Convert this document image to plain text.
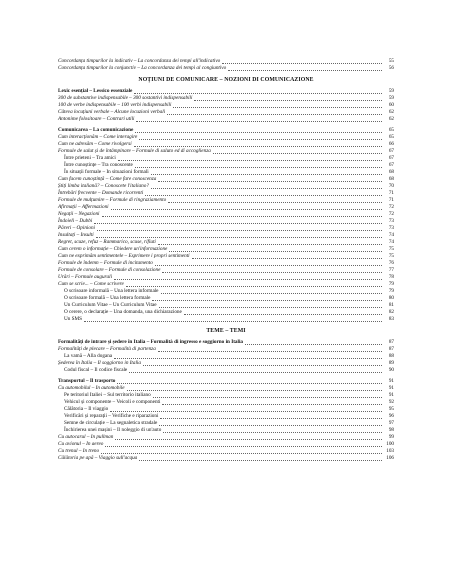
Concordanța timpurilor la indicativ – La concordanza dei tempi all'indicativo	55
Concordanța timpurilor la conjunctiv – La concordanza dei tempi al congiuntivo	56
NOȚIUNI DE COMUNICARE – NOZIONI DI COMUNICAZIONE
Lexic esențial – Lessico essenziale	59
300 de substantive indispensabile – 300 sostantivi indispensabili	59
100 de verbe indispensabile – 100 verbi indispensabili	60
Câteva locuțiuni verbale – Alcune locuzioni verbali	62
Antonime folositoare – Contrari utili	62
Comunicarea – La comunicazione	65
Cum interacționăm – Come interagire	65
Cum ne adresăm – Come rivolgersi	66
Formule de salut și de întâmpinare – Formule di saluto ed di accoglienza	67
Între prieteni – Tra amici	67
Între cunoștințe – Tra conoscente	67
În situații formale – In situazioni formali	68
Cum facem cunoștință – Come fare conoscenza	68
Știți limba italiană? – Conoscete l'italiano?	70
Întrebări frecvente – Domande ricorrenti	71
Formule de mulțumire – Formule di ringraziamento	71
Afirmații – Affermazioni	72
Negații – Negazioni	72
Îndoieli – Dubbi	73
Păreri – Opinioni	73
Insultați – Insulti	74
Regret, scuze, refuz – Rammarico, scuse, rifiuti	74
Cum cerem o informație – Chiedere un'informazione	75
Cum ne exprimăm sentimentele – Esprimere i propri sentimenti	75
Formule de îndemn – Formule di incitamento	76
Formule de consolare – Formule di consolazione	77
Urări – Formule augurali	78
Cum se scrie... – Come scrivere	79
O scrisoare informală – Una lettera informale	79
O scrisoare formală – Una lettera formale	80
Un Curriculum Vitae – Un Curriculum Vitae	81
O cerere, o declarație – Una domanda, una dichiarazione	82
Un SMS	83
TEME – TEMI
Formalități de intrare și ședere în Italia – Formalità di ingresso e soggiorno in Italia	87
Formalități de plecare – Formalità di partenza	87
La vamă – Alla dogana	88
Șederea în Italia – Il soggiorno in Italia	89
Codul fiscal – Il codice fiscale	90
Transportul – Il trasporto	91
Cu automobilul – In automobile	91
Pe teritoriul Italiei – Sul territorio italiano	91
Vehicul și componente – Veicoli e componenti	92
Călătoria – Il viaggio	95
Verificări și reparații – Verifiche e riparazioni	96
Semne de circulație – La segnaletica stradale	97
Închirierea unei mașini – Il noleggio di un'auto	98
Cu autocarul – In pullman	99
Cu avionul – In aereo	100
Cu trenul – In treno	103
Călătoria pe apă – Viaggio sull'acqua	106
